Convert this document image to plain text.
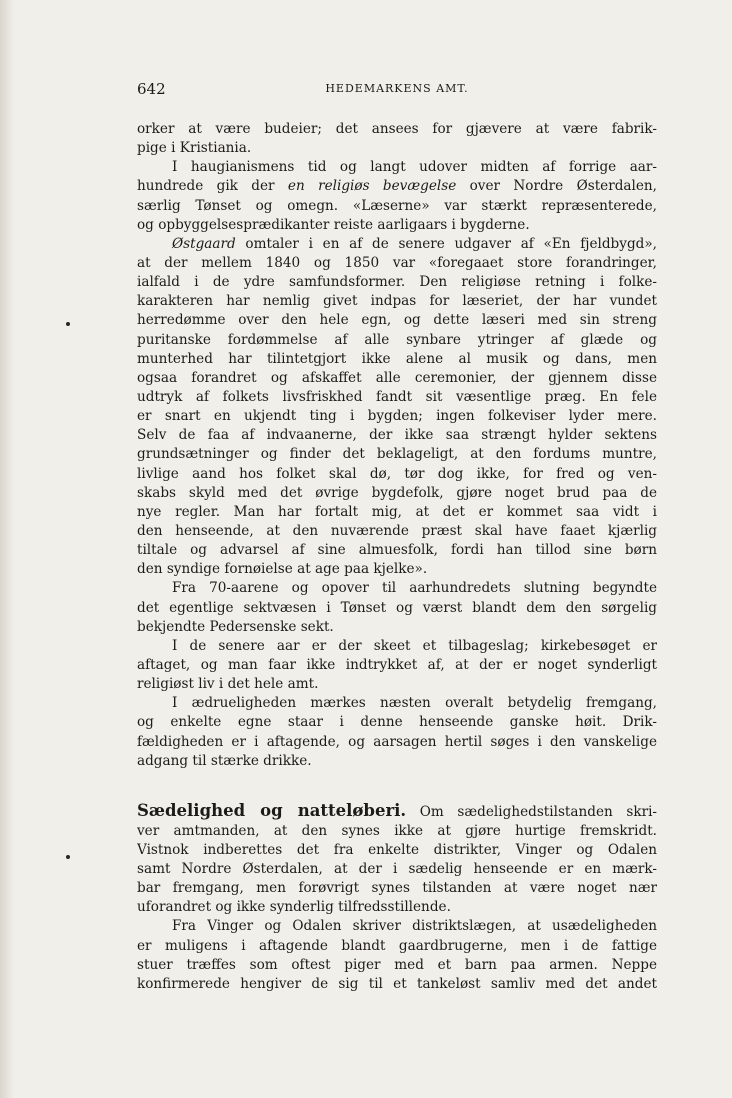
642	HEDEMARKENS AMT.
orker at være budeier; det ansees for gjævere at være fabrik-
pige i Kristiania.
I haugianismens tid og langt udover midten af forrige aar-
hundrede gik der en religiøs bevægelse over Nordre Østerdalen,
særlig Tønset og omegn. «Læserne» var stærkt repræsenterede,
og opbyggelsesprædikanter reiste aarligaars i bygderne.
Østgaard omtaler i en af de senere udgaver af «En fjeldbygd»,
at der mellem 1840 og 1850 var «foregaaet store forandringer,
ialfald i de ydre samfundsformer. Den religiøse retning i folke-
karakteren har nemlig givet indpas for læseriet, der har vundet
herredømme over den hele egn, og dette læseri med sin streng
puritanske fordømmelse af alle synbare ytringer af glæde og
munterhed har tilintetgjort ikke alene al musik og dans, men
ogsaa forandret og afskaffet alle ceremonier, der gjennem disse
udtryk af folkets livsfriskhed fandt sit væsentlige præg. En fele
er snart en ukjendt ting i bygden; ingen folkeviser lyder mere.
Selv de faa af indvaanerne, der ikke saa strængt hylder sektens
grundsætninger og finder det beklageligt, at den fordums muntre,
livlige aand hos folket skal dø, tør dog ikke, for fred og ven-
skabs skyld med det øvrige bygdefolk, gjøre noget brud paa de
nye regler. Man har fortalt mig, at det er kommet saa vidt i
den henseende, at den nuværende præst skal have faaet kjærlig
tiltale og advarsel af sine almuesfolk, fordi han tillod sine børn
den syndige fornøielse at age paa kjelke».
Fra 70-aarene og opover til aarhundredets slutning begyndte
det egentlige sektvæsen i Tønset og værst blandt dem den sørgelig
bekjendte Pedersenske sekt.
I de senere aar er der skeet et tilbageslag; kirkebesøget er
aftaget, og man faar ikke indtrykket af, at der er noget synderligt
religiøst liv i det hele amt.
I ædrueligheden mærkes næsten overalt betydelig fremgang,
og enkelte egne staar i denne henseende ganske høit. Drik-
fældigheden er i aftagende, og aarsagen hertil søges i den vanskelige
adgang til stærke drikke.
Sædelighed og natteløberi. Om sædelighedstilstanden skri-
ver amtmanden, at den synes ikke at gjøre hurtige fremskridt.
Vistnok indberettes det fra enkelte distrikter, Vinger og Odalen
samt Nordre Østerdalen, at der i sædelig henseende er en mærk-
bar fremgang, men forøvrigt synes tilstanden at være noget nær
uforandret og ikke synderlig tilfredsstillende.
Fra Vinger og Odalen skriver distriktslægen, at usædeligheden
er muligens i aftagende blandt gaardbrugerne, men i de fattige
stuer træffes som oftest piger med et barn paa armen. Neppe
konfirmerede hengiver de sig til et tankeløst samliv med det andet
